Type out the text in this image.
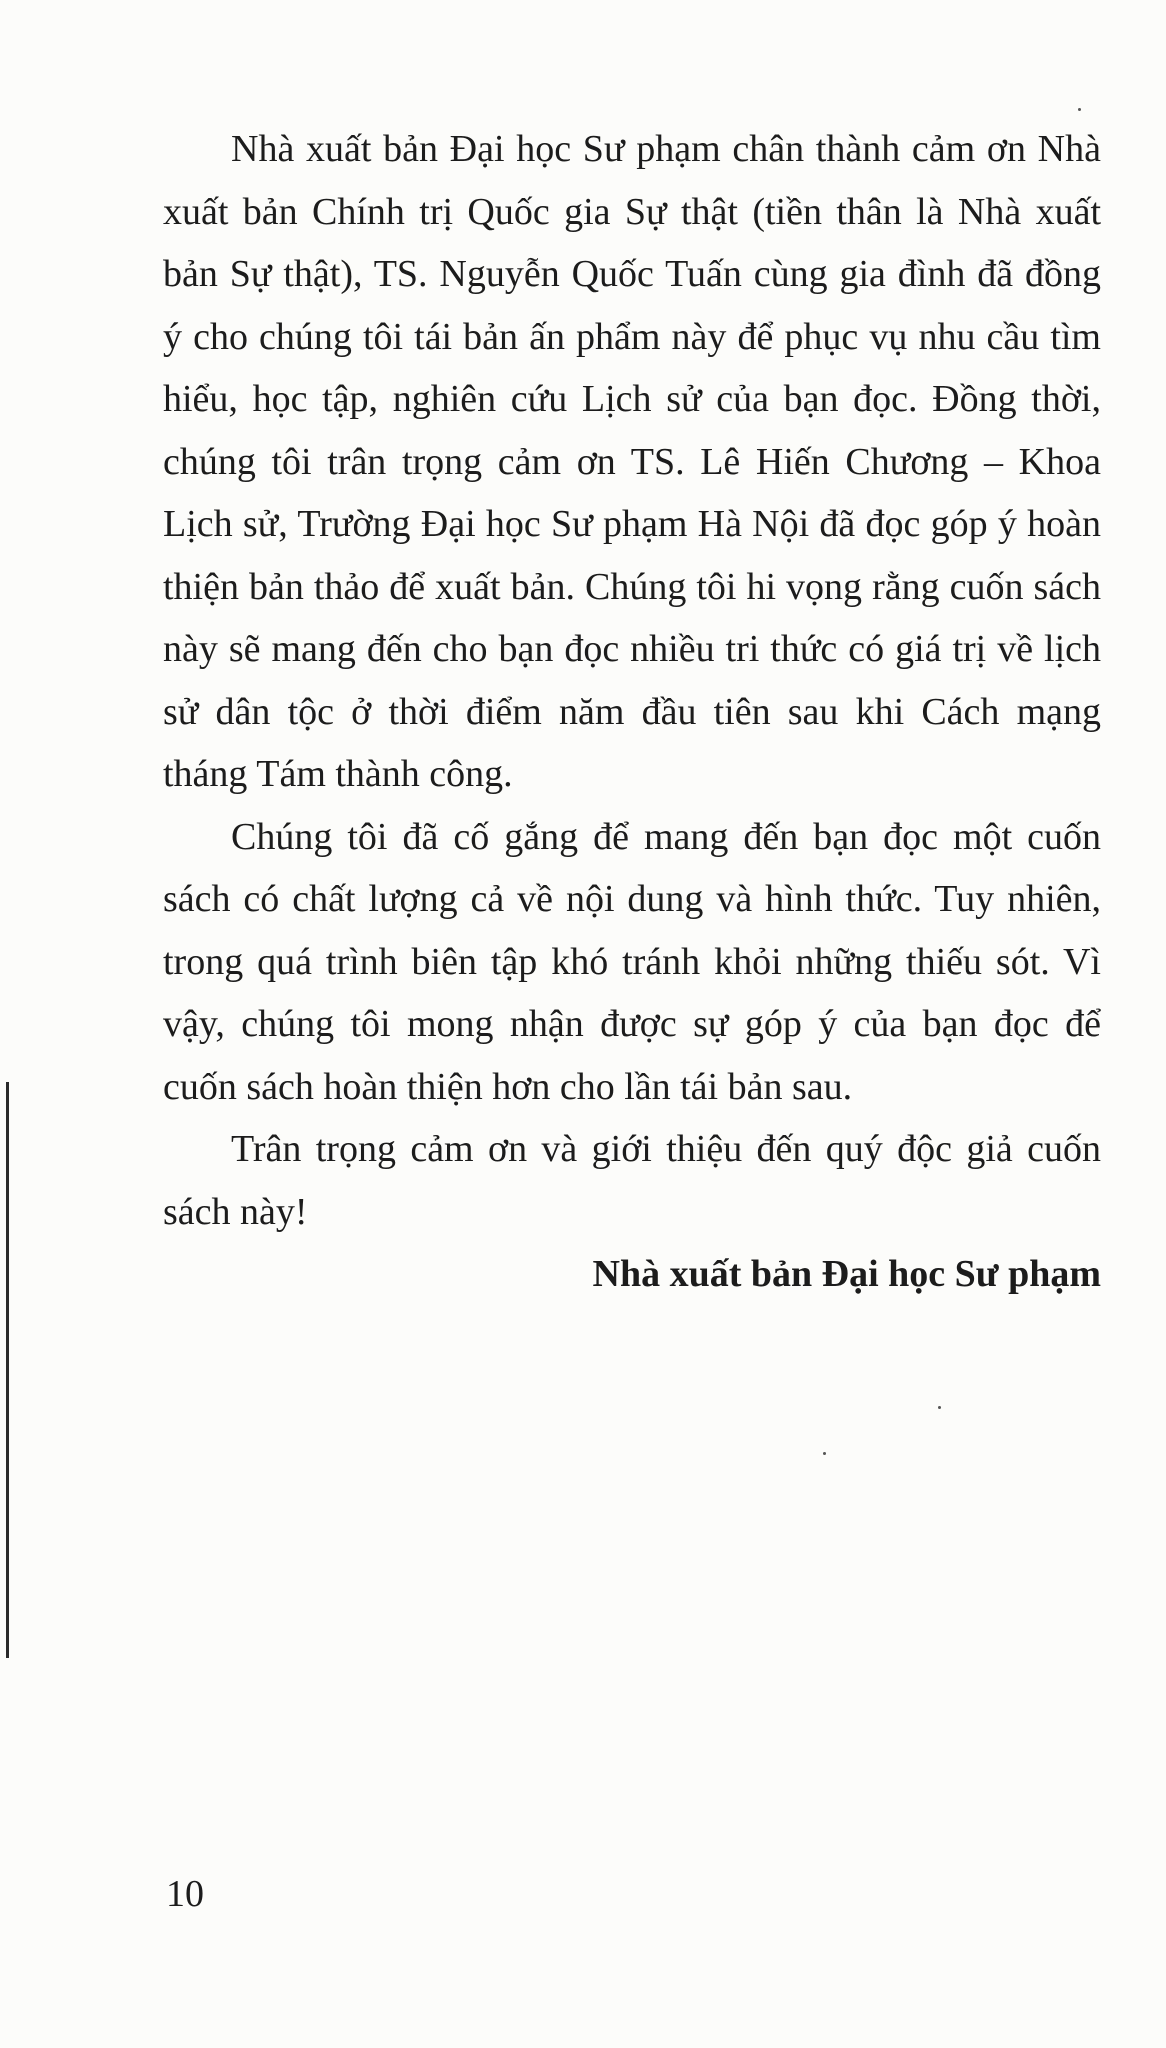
Nhà xuất bản Đại học Sư phạm chân thành cảm ơn Nhà xuất bản Chính trị Quốc gia Sự thật (tiền thân là Nhà xuất bản Sự thật), TS. Nguyễn Quốc Tuấn cùng gia đình đã đồng ý cho chúng tôi tái bản ấn phẩm này để phục vụ nhu cầu tìm hiểu, học tập, nghiên cứu Lịch sử của bạn đọc. Đồng thời, chúng tôi trân trọng cảm ơn TS. Lê Hiến Chương – Khoa Lịch sử, Trường Đại học Sư phạm Hà Nội đã đọc góp ý hoàn thiện bản thảo để xuất bản. Chúng tôi hi vọng rằng cuốn sách này sẽ mang đến cho bạn đọc nhiều tri thức có giá trị về lịch sử dân tộc ở thời điểm năm đầu tiên sau khi Cách mạng tháng Tám thành công.

Chúng tôi đã cố gắng để mang đến bạn đọc một cuốn sách có chất lượng cả về nội dung và hình thức. Tuy nhiên, trong quá trình biên tập khó tránh khỏi những thiếu sót. Vì vậy, chúng tôi mong nhận được sự góp ý của bạn đọc để cuốn sách hoàn thiện hơn cho lần tái bản sau.

Trân trọng cảm ơn và giới thiệu đến quý độc giả cuốn sách này!

Nhà xuất bản Đại học Sư phạm

10
